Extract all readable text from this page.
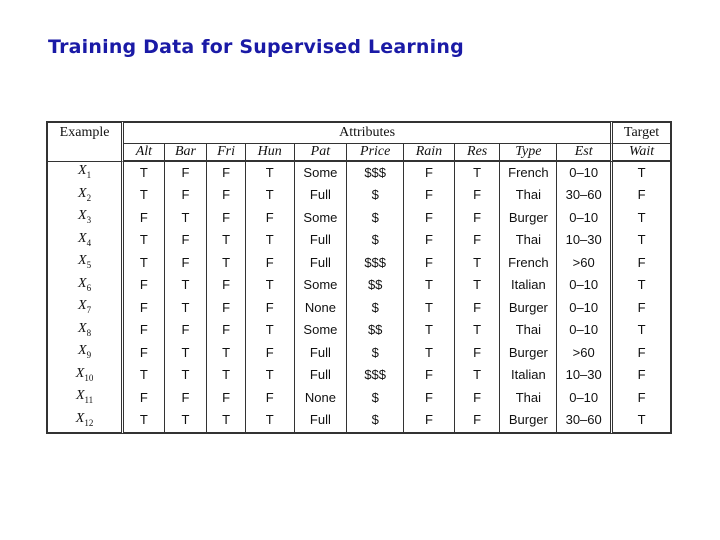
Training Data for Supervised Learning
Example	Attributes										Target
	Alt	Bar	Fri	Hun	Pat	Price	Rain	Res	Type	Est	Wait
$X_1$	T	F	F	T	Some	$$$	F	T	French	0–10	T
$X_2$	T	F	F	T	Full	$	F	F	Thai	30–60	F
$X_3$	F	T	F	F	Some	$	F	F	Burger	0–10	T
$X_4$	T	F	T	T	Full	$	F	F	Thai	10–30	T
$X_5$	T	F	T	F	Full	$$$	F	T	French	>60	F
$X_6$	F	T	F	T	Some	$$	T	T	Italian	0–10	T
$X_7$	F	T	F	F	None	$	T	F	Burger	0–10	F
$X_8$	F	F	F	T	Some	$$	T	T	Thai	0–10	T
$X_9$	F	T	T	F	Full	$	T	F	Burger	>60	F
$X_{10}$	T	T	T	T	Full	$$$	F	T	Italian	10–30	F
$X_{11}$	F	F	F	F	None	$	F	F	Thai	0–10	F
$X_{12}$	T	T	T	T	Full	$	F	F	Burger	30–60	T
